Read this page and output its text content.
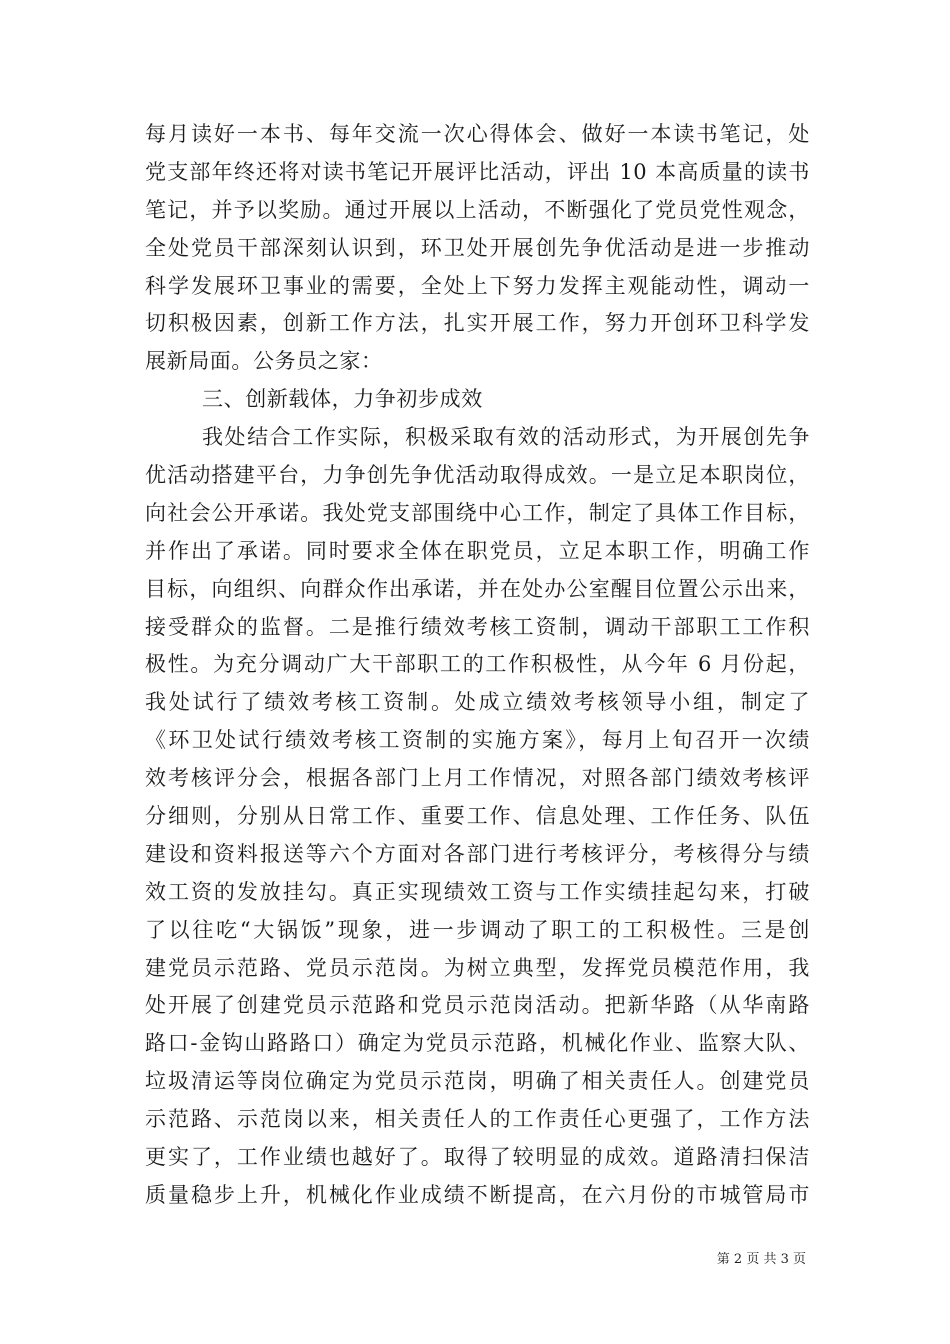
每月读好一本书、每年交流一次心得体会、做好一本读书笔记，处
党支部年终还将对读书笔记开展评比活动，评出 10 本高质量的读书
笔记，并予以奖励。通过开展以上活动，不断强化了党员党性观念，
全处党员干部深刻认识到，环卫处开展创先争优活动是进一步推动
科学发展环卫事业的需要，全处上下努力发挥主观能动性，调动一
切积极因素，创新工作方法，扎实开展工作，努力开创环卫科学发
展新局面。公务员之家：
三、创新载体，力争初步成效
我处结合工作实际，积极采取有效的活动形式，为开展创先争
优活动搭建平台，力争创先争优活动取得成效。一是立足本职岗位，
向社会公开承诺。我处党支部围绕中心工作，制定了具体工作目标，
并作出了承诺。同时要求全体在职党员，立足本职工作，明确工作
目标，向组织、向群众作出承诺，并在处办公室醒目位置公示出来，
接受群众的监督。二是推行绩效考核工资制，调动干部职工工作积
极性。为充分调动广大干部职工的工作积极性，从今年 6 月份起，
我处试行了绩效考核工资制。处成立绩效考核领导小组，制定了
《环卫处试行绩效考核工资制的实施方案》，每月上旬召开一次绩
效考核评分会，根据各部门上月工作情况，对照各部门绩效考核评
分细则，分别从日常工作、重要工作、信息处理、工作任务、队伍
建设和资料报送等六个方面对各部门进行考核评分，考核得分与绩
效工资的发放挂勾。真正实现绩效工资与工作实绩挂起勾来，打破
了以往吃“大锅饭”现象，进一步调动了职工的工积极性。三是创
建党员示范路、党员示范岗。为树立典型，发挥党员模范作用，我
处开展了创建党员示范路和党员示范岗活动。把新华路（从华南路
路口-金钩山路路口）确定为党员示范路，机械化作业、监察大队、
垃圾清运等岗位确定为党员示范岗，明确了相关责任人。创建党员
示范路、示范岗以来，相关责任人的工作责任心更强了，工作方法
更实了，工作业绩也越好了。取得了较明显的成效。道路清扫保洁
质量稳步上升，机械化作业成绩不断提高，在六月份的市城管局市
第 2 页 共 3 页
